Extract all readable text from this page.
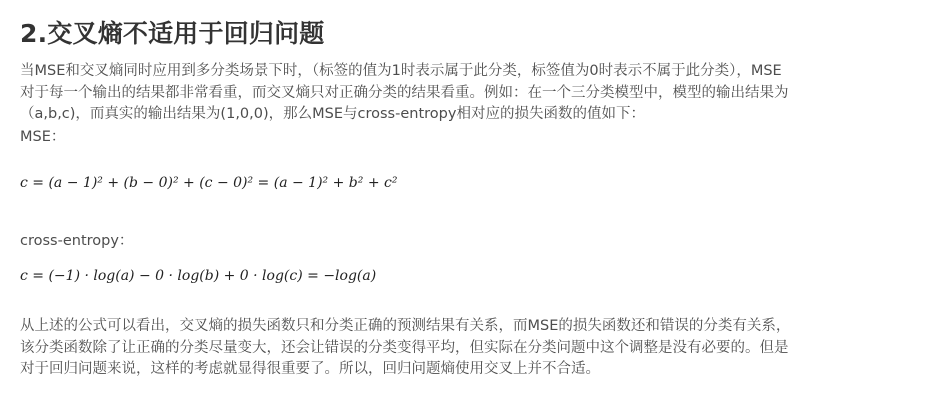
2.交叉熵不适用于回归问题
当MSE和交叉熵同时应用到多分类场景下时，（标签的值为1时表示属于此分类，标签值为0时表示不属于此分类），MSE
对于每一个输出的结果都非常看重，而交叉熵只对正确分类的结果看重。例如：在一个三分类模型中，模型的输出结果为
（a,b,c)，而真实的输出结果为(1,0,0)，那么MSE与cross-entropy相对应的损失函数的值如下：
MSE：
c = (a − 1)² + (b − 0)² + (c − 0)² = (a − 1)² + b² + c²
cross-entropy：
c = (−1) · log(a) − 0 · log(b) + 0 · log(c) = −log(a)
从上述的公式可以看出，交叉熵的损失函数只和分类正确的预测结果有关系，而MSE的损失函数还和错误的分类有关系，
该分类函数除了让正确的分类尽量变大，还会让错误的分类变得平均，但实际在分类问题中这个调整是没有必要的。但是
对于回归问题来说，这样的考虑就显得很重要了。所以，回归问题熵使用交叉上并不合适。
